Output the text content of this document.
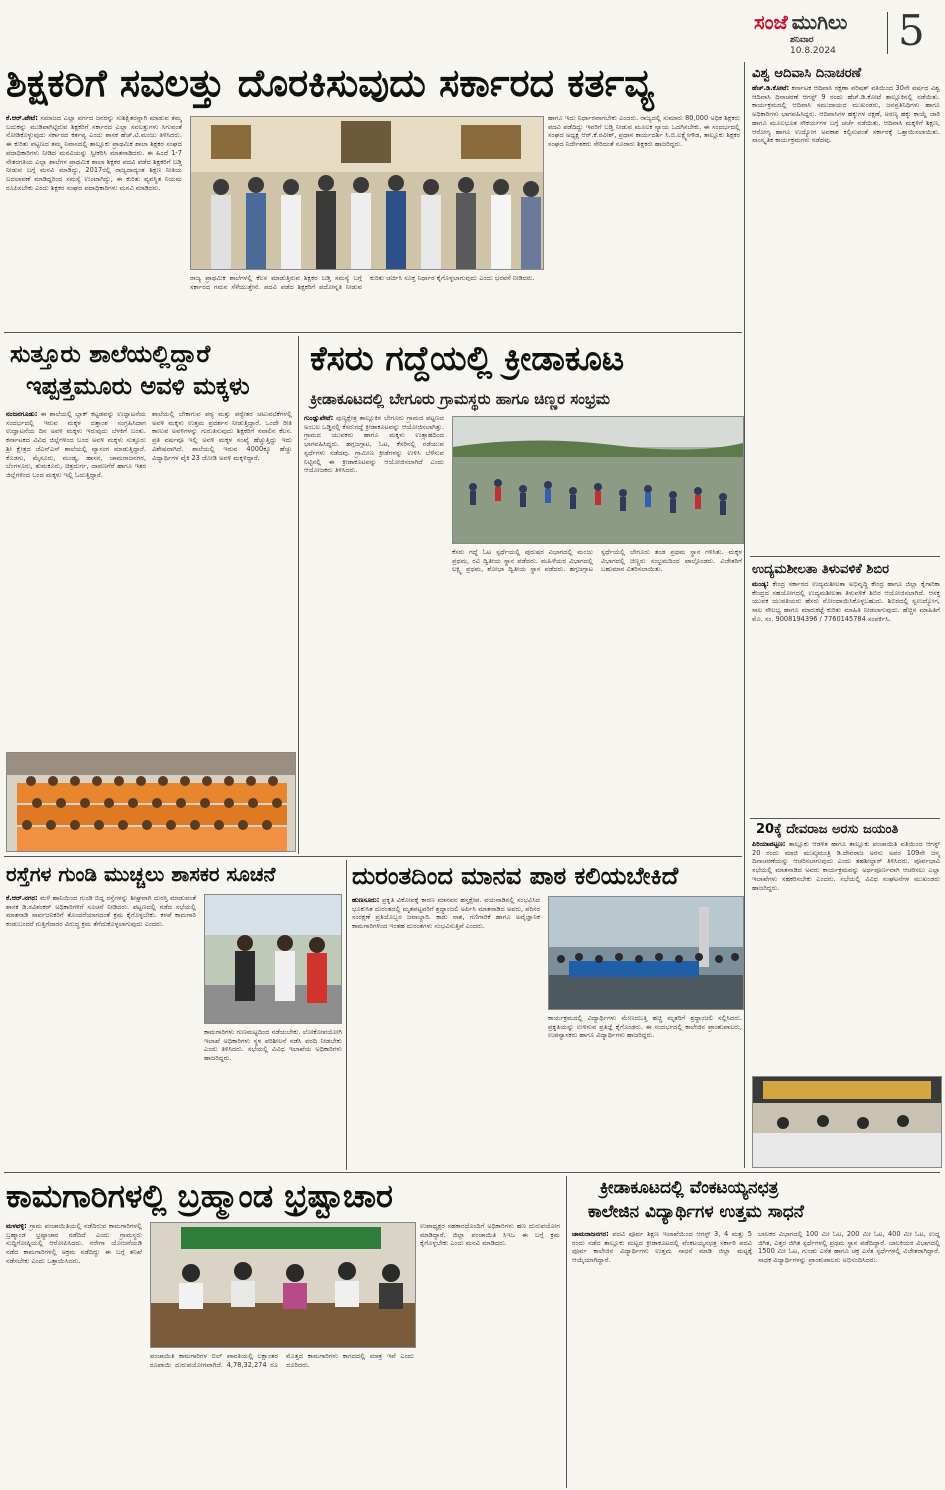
ಸಂಜೆ ಮುಗಿಲು
ಶನಿವಾರ
10.8.2024 5
ಶಿಕ್ಷಕರಿಗೆ ಸವಲತ್ತು ದೊರಕಿಸುವುದು ಸರ್ಕಾರದ ಕರ್ತವ್ಯ
ಕೆ.ಆರ್.ಪೇಟೆ: ಸಮಾಜದ ಎಲ್ಲಾ ವರ್ಗದ ಜನರನ್ನು ಸುಶಿಕ್ಷಿತರನ್ನಾಗಿ ಮಾಡುವ ತಮ್ಮ ಬದುಕನ್ನು ಮುಡಿಪಾಗಿಟ್ಟಿರುವ ಶಿಕ್ಷಕರಿಗೆ ಸರ್ಕಾರದ ಎಲ್ಲಾ ಸವಲತ್ತುಗಳು ಸಿಗುವಂತೆ ನೋಡಿಕೊಳ್ಳುವುದು ಸರ್ಕಾರದ ಕರ್ತವ್ಯ ಎಂದು ಶಾಸಕ ಹೆಚ್.ಟಿ.ಮಂಜು ತಿಳಿಸಿದರು. ಈ ಕುರಿತು ಪಟ್ಟಣದ ತಮ್ಮ ನಿವಾಸದಲ್ಲಿ ತಾಲ್ಲೂಕು ಪ್ರಾಥಮಿಕ ಶಾಲಾ ಶಿಕ್ಷಕರ ಸಂಘದ ಪದಾಧಿಕಾರಿಗಳು ನೀಡಿದ ಮನವಿಯನ್ನು ಸ್ವೀಕರಿಸಿ ಮಾತನಾಡಿದರು. ಈ ಹಿಂದೆ 1-7 ನೇತರಗತಿಯ ಎಲ್ಲಾ ಶಾಲೆಗಳ ಪ್ರಾಥಮಿಕ ಶಾಲಾ ಶಿಕ್ಷಕರ ಪದವಿ ಪಡೆದ ಶಿಕ್ಷಕರಿಗೆ ಬಡ್ತಿ ನೀಡುವ ಬಗ್ಗೆ ಮನವಿ ಮಾಡಿದ್ದು, 2017ರಲ್ಲಿ ರಾಜ್ಯದಾದ್ಯಂತ ಶಿಕ್ಷಣ ನೀತಿಯ ಬದಲಾವಣೆ ಮಾಡಿದ್ದರಿಂದ ಸಮಸ್ಯೆ ಉಂಟಾಗಿದ್ದು, ಈ ಕುರಿತು ವ್ಯವಸ್ಥಿತ ನಿಯಮ ರೂಪಿಸಬೇಕು ಎಂದು ಶಿಕ್ಷಕರ ಸಂಘದ ಪದಾಧಿಕಾರಿಗಳು ಮನವಿ ಮಾಡಿದರು.
ರಾಜ್ಯ ಪ್ರಾಥಮಿಕ ಶಾಲೆಗಳಲ್ಲಿ ಕೆಲಸ ಮಾಡುತ್ತಿರುವ ಶಿಕ್ಷಕರ ಬಡ್ತಿ ಸಮಸ್ಯೆ ಬಗ್ಗೆ ಸರ್ಕಾರದ ಗಮನ ಸೆಳೆಯುತ್ತೇನೆ. ಪದವಿ ಪಡೆದ ಶಿಕ್ಷಕರಿಗೆ ಪದೋನ್ನತಿ ನೀಡುವ ಕುರಿತು ಚರ್ಚಿಸಿ ಸೂಕ್ತ ನಿರ್ಧಾರ ಕೈಗೊಳ್ಳಲಾಗುವುದು ಎಂದು ಭರವಸೆ ನೀಡಿದರು.
ಹಾಗೂ ಇದು ನಿರ್ಧಾರವಾಗಬೇಕು ಎಂದರು. ರಾಜ್ಯದಲ್ಲಿ ಸುಮಾರು 80,000 ಅಧಿಕ ಶಿಕ್ಷಕರು ಪದವಿ ಪಡೆದಿದ್ದು ಇವರಿಗೆ ಬಡ್ತಿ ನೀಡುವ ಮೂಲಕ ನ್ಯಾಯ ಒದಗಿಸಬೇಕು. ಈ ಸಂದರ್ಭದಲ್ಲಿ ಸಂಘದ ಅಧ್ಯಕ್ಷ ಆರ್.ಕೆ.ರವೀಶ್, ಪ್ರಧಾನ ಕಾರ್ಯದರ್ಶಿ ಸಿ.ಬಿ.ಲಕ್ಷ್ಮೇಗೌಡ, ತಾಲ್ಲೂಕು ಶಿಕ್ಷಕರ ಸಂಘದ ನಿರ್ದೇಶಕರು ಸೇರಿದಂತೆ ನೂರಾರು ಶಿಕ್ಷಕರು ಹಾಜರಿದ್ದರು.
ಸುತ್ತೂರು ಶಾಲೆಯಲ್ಲಿದ್ದಾರೆ
ಇಪ್ಪತ್ತಮೂರು ಅವಳಿ ಮಕ್ಕಳು
ನಂಜನಗೂಡು: ಈ ಶಾಲೆಯಲ್ಲಿ ಬ್ಲಾಕ್ ಕಟ್ಟಡವನ್ನು ಉದ್ಘಾಟನೆಯ ಸಂದರ್ಭದಲ್ಲಿ ಇರುವ ಮಕ್ಕಳ ದತ್ತಾಂಶ ಸಂಗ್ರಹಿಸಿದಾಗ ಉದ್ಘಾಟನೆಯ ದಿನ ಅವಳಿ ಮಕ್ಕಳು ಇರುವುದು ಬೆಳಕಿಗೆ ಬಂತು. ಕರ್ನಾಟಕದ ವಿವಿಧ ಜಿಲ್ಲೆಗಳಿಂದ ಬಂದ ಅವಳಿ ಮಕ್ಕಳು ಸುತ್ತೂರು ಶ್ರೀ ಕ್ಷೇತ್ರದ ಜೆಎಸ್ಎಸ್ ಶಾಲೆಯಲ್ಲಿ ವ್ಯಾಸಂಗ ಮಾಡುತ್ತಿದ್ದಾರೆ. ಕೊಡಗು, ಮೈಸೂರು, ಮಂಡ್ಯ, ಹಾಸನ, ಚಾಮರಾಜನಗರ, ಬೆಂಗಳೂರು, ತುಮಕೂರು, ಚಿತ್ರದುರ್ಗ, ದಾವಣಗೆರೆ ಹಾಗೂ ಇತರ ಜಿಲ್ಲೆಗಳಿಂದ ಬಂದ ಮಕ್ಕಳು ಇಲ್ಲಿ ಓದುತ್ತಿದ್ದಾರೆ.
ಶಾಲೆಯಲ್ಲಿ ಬೇಕಾಗುವ ಪಠ್ಯ ಮತ್ತು ಪಠ್ಯೇತರ ಚಟುವಟಿಕೆಗಳಲ್ಲಿ ಅವಳಿ ಮಕ್ಕಳು ಉತ್ತಮ ಪ್ರದರ್ಶನ ನೀಡುತ್ತಿದ್ದಾರೆ. ಒಂದೇ ರೀತಿ ಕಾಣುವ ಅವಳಿಗಳನ್ನು ಗುರುತಿಸುವುದು ಶಿಕ್ಷಕರಿಗೆ ಸವಾಲಿನ ಕೆಲಸ. ಪ್ರತಿ ವರ್ಷವೂ ಇಲ್ಲಿ ಅವಳಿ ಮಕ್ಕಳ ಸಂಖ್ಯೆ ಹೆಚ್ಚುತ್ತಿದ್ದು ಇದು ವಿಶೇಷವಾಗಿದೆ. ಶಾಲೆಯಲ್ಲಿ ಇರುವ 4000ಕ್ಕೂ ಹೆಚ್ಚು ವಿದ್ಯಾರ್ಥಿಗಳ ಪೈಕಿ 23 ಜೋಡಿ ಅವಳಿ ಮಕ್ಕಳಿದ್ದಾರೆ.
ಕೆಸರು ಗದ್ದೆಯಲ್ಲಿ ಕ್ರೀಡಾಕೂಟ
ಕ್ರೀಡಾಕೂಟದಲ್ಲಿ ಬೇಗೂರು ಗ್ರಾಮಸ್ಥರು ಹಾಗೂ ಚಿಣ್ಣರ ಸಂಭ್ರಮ
ಗುಂಡ್ಲುಪೇಟೆ: ಪುಣ್ಯಕ್ಷೇತ್ರ ತಾಲ್ಲೂಕಿನ ಬೇಗೂರು ಗ್ರಾಮದ ಪಟ್ಟಣದ ಅಂಬಲ ಒಡ್ಡಿನಲ್ಲಿ ಕೆಸರುಗದ್ದೆ ಕ್ರೀಡಾಕೂಟವನ್ನು ಆಯೋಜಿಸಲಾಗಿತ್ತು. ಗ್ರಾಮದ ಯುವಕರು ಹಾಗೂ ಮಕ್ಕಳು ಉತ್ಸಾಹದಿಂದ ಭಾಗವಹಿಸಿದ್ದರು. ಹಗ್ಗಜಗ್ಗಾಟ, ಓಟ, ಕೆಸರಿನಲ್ಲಿ ನಡೆಯುವ ಸ್ಪರ್ಧೆಗಳು ನಡೆದವು. ಗ್ರಾಮೀಣ ಕ್ರೀಡೆಗಳನ್ನು ಉಳಿಸಿ ಬೆಳೆಸುವ ನಿಟ್ಟಿನಲ್ಲಿ ಈ ಕ್ರೀಡಾಕೂಟವನ್ನು ಆಯೋಜಿಸಲಾಗಿದೆ ಎಂದು ಆಯೋಜಕರು ತಿಳಿಸಿದರು.
ಕೆಸರು ಗದ್ದೆ ಓಟ ಸ್ಪರ್ಧೆಯಲ್ಲಿ ಪುರುಷರ ವಿಭಾಗದಲ್ಲಿ ಮಂಜು ಪ್ರಥಮ, ರವಿ ದ್ವಿತೀಯ ಸ್ಥಾನ ಪಡೆದರು. ಮಹಿಳೆಯರ ವಿಭಾಗದಲ್ಲಿ ಲಕ್ಷ್ಮಿ ಪ್ರಥಮ, ಶೋಭಾ ದ್ವಿತೀಯ ಸ್ಥಾನ ಪಡೆದರು. ಹಗ್ಗಜಗ್ಗಾಟ ಸ್ಪರ್ಧೆಯಲ್ಲಿ ಬೇಗೂರು ತಂಡ ಪ್ರಥಮ ಸ್ಥಾನ ಗಳಿಸಿತು. ಮಕ್ಕಳ ವಿಭಾಗದಲ್ಲಿ ಚಿಣ್ಣರು ಸಂಭ್ರಮದಿಂದ ಪಾಲ್ಗೊಂಡರು. ವಿಜೇತರಿಗೆ ಬಹುಮಾನ ವಿತರಿಸಲಾಯಿತು.
ರಸ್ತೆಗಳ ಗುಂಡಿ ಮುಚ್ಚಲು ಶಾಸಕರ ಸೂಚನೆ
ಕೆ.ಆರ್.ನಗರ: ಮಳೆ ಹಾನಿಯಿಂದ ಗುಂಡಿ ಬಿದ್ದ ರಸ್ತೆಗಳನ್ನು ಶೀಘ್ರವಾಗಿ ದುರಸ್ತಿ ಮಾಡುವಂತೆ ಶಾಸಕ ಡಿ.ರವಿಶಂಕರ್ ಅಧಿಕಾರಿಗಳಿಗೆ ಸೂಚನೆ ನೀಡಿದರು. ಪಟ್ಟಣದಲ್ಲಿ ನಡೆದ ಸಭೆಯಲ್ಲಿ ಮಾತನಾಡಿ ಸಾರ್ವಜನಿಕರಿಗೆ ತೊಂದರೆಯಾಗದಂತೆ ಕ್ರಮ ಕೈಗೊಳ್ಳಬೇಕು. ಕಳಪೆ ಕಾಮಗಾರಿ ಕಂಡುಬಂದರೆ ಗುತ್ತಿಗೆದಾರರ ವಿರುದ್ಧ ಕ್ರಮ ತೆಗೆದುಕೊಳ್ಳಲಾಗುವುದು ಎಂದರು.
ಕಾಮಗಾರಿಗಳು ಗುಣಮಟ್ಟದಿಂದ ನಡೆಯಬೇಕು. ಲೋಕೋಪಯೋಗಿ ಇಲಾಖೆ ಅಧಿಕಾರಿಗಳು ಸ್ಥಳ ಪರಿಶೀಲನೆ ನಡೆಸಿ ವರದಿ ನೀಡಬೇಕು ಎಂದು ತಿಳಿಸಿದರು. ಸಭೆಯಲ್ಲಿ ವಿವಿಧ ಇಲಾಖೆಯ ಅಧಿಕಾರಿಗಳು ಹಾಜರಿದ್ದರು.
ದುರಂತದಿಂದ ಮಾನವ ಪಾಠ ಕಲಿಯಬೇಕಿದೆ
ಹುಣಸೂರು: ಪ್ರಕೃತಿ ವಿಕೋಪಕ್ಕೆ ಕಾರಣ ಮಾನವನ ಹಸ್ತಕ್ಷೇಪ. ವಯನಾಡಿನಲ್ಲಿ ಸಂಭವಿಸಿದ ಭೂಕುಸಿತ ದುರಂತದಲ್ಲಿ ಮೃತಪಟ್ಟವರಿಗೆ ಶ್ರದ್ಧಾಂಜಲಿ ಅರ್ಪಿಸಿ ಮಾತನಾಡಿದ ಅವರು, ಪರಿಸರ ಸಂರಕ್ಷಣೆ ಪ್ರತಿಯೊಬ್ಬರ ಜವಾಬ್ದಾರಿ. ಕಾಡು ನಾಶ, ಗಣಿಗಾರಿಕೆ ಹಾಗೂ ಅವೈಜ್ಞಾನಿಕ ಕಾಮಗಾರಿಗಳಿಂದ ಇಂತಹ ದುರಂತಗಳು ಸಂಭವಿಸುತ್ತಿವೆ ಎಂದರು.
ಕಾರ್ಯಕ್ರಮದಲ್ಲಿ ವಿದ್ಯಾರ್ಥಿಗಳು ಮೇಣದಬತ್ತಿ ಹಚ್ಚಿ ಮೃತರಿಗೆ ಶ್ರದ್ಧಾಂಜಲಿ ಸಲ್ಲಿಸಿದರು. ಪ್ರಕೃತಿಯನ್ನು ಉಳಿಸುವ ಪ್ರತಿಜ್ಞೆ ಕೈಗೊಂಡರು. ಈ ಸಂದರ್ಭದಲ್ಲಿ ಕಾಲೇಜಿನ ಪ್ರಾಂಶುಪಾಲರು, ಉಪನ್ಯಾಸಕರು ಹಾಗೂ ವಿದ್ಯಾರ್ಥಿಗಳು ಹಾಜರಿದ್ದರು.
ವಿಶ್ವ ಆದಿವಾಸಿ ದಿನಾಚರಣೆ
ಹೆಚ್.ಡಿ.ಕೋಟೆ: ಕರ್ನಾಟಕ ಆದಿವಾಸಿ ರಕ್ಷಣಾ ಪರಿಷತ್ ವತಿಯಿಂದ 30ನೇ ವರ್ಷದ ವಿಶ್ವ ಆದಿವಾಸಿ ದಿನಾಚರಣೆ ಆಗಸ್ಟ್ 9 ರಂದು ಹೆಚ್.ಡಿ.ಕೋಟೆ ತಾಲ್ಲೂಕಿನಲ್ಲಿ ನಡೆಯಿತು. ಕಾರ್ಯಕ್ರಮದಲ್ಲಿ ಆದಿವಾಸಿ ಸಮುದಾಯದ ಮುಖಂಡರು, ಜನಪ್ರತಿನಿಧಿಗಳು ಹಾಗೂ ಅಧಿಕಾರಿಗಳು ಭಾಗವಹಿಸಿದ್ದರು. ಆದಿವಾಸಿಗಳ ಹಕ್ಕುಗಳ ರಕ್ಷಣೆ, ಅರಣ್ಯ ಹಕ್ಕು ಕಾಯ್ದೆ ಜಾರಿ ಹಾಗೂ ಮೂಲಭೂತ ಸೌಕರ್ಯಗಳ ಬಗ್ಗೆ ಚರ್ಚೆ ನಡೆಯಿತು. ಆದಿವಾಸಿ ಮಕ್ಕಳಿಗೆ ಶಿಕ್ಷಣ, ಆರೋಗ್ಯ ಹಾಗೂ ಉದ್ಯೋಗ ಅವಕಾಶ ಕಲ್ಪಿಸುವಂತೆ ಸರ್ಕಾರಕ್ಕೆ ಒತ್ತಾಯಿಸಲಾಯಿತು. ಸಾಂಸ್ಕೃತಿಕ ಕಾರ್ಯಕ್ರಮಗಳು ನಡೆದವು.
ಉದ್ಯಮಶೀಲತಾ ತಿಳುವಳಿಕೆ ಶಿಬಿರ
ಮಂಡ್ಯ: ಕೇಂದ್ರ ಸರ್ಕಾರದ ಉದ್ಯಮಶೀಲತಾ ಅಭಿವೃದ್ಧಿ ಕೇಂದ್ರ ಹಾಗೂ ಜಿಲ್ಲಾ ಕೈಗಾರಿಕಾ ಕೇಂದ್ರದ ಸಹಯೋಗದಲ್ಲಿ ಉದ್ಯಮಶೀಲತಾ ತಿಳುವಳಿಕೆ ಶಿಬಿರ ಆಯೋಜಿಸಲಾಗಿದೆ. ಆಸಕ್ತ ಯುವಕ ಯುವತಿಯರು ಹೆಸರು ನೋಂದಾಯಿಸಿಕೊಳ್ಳಬಹುದು. ಶಿಬಿರದಲ್ಲಿ ಸ್ವಉದ್ಯೋಗ, ಸಾಲ ಸೌಲಭ್ಯ ಹಾಗೂ ಮಾರುಕಟ್ಟೆ ಕುರಿತು ಮಾಹಿತಿ ನೀಡಲಾಗುವುದು. ಹೆಚ್ಚಿನ ಮಾಹಿತಿಗೆ ಮೊ. ಸಂ. 9008194396 / 7760145784 ಸಂಪರ್ಕಿಸಿ.
20ಕ್ಕೆ ದೇವರಾಜ ಅರಸು ಜಯಂತಿ
ಪಿರಿಯಾಪಟ್ಟಣ: ತಾಲ್ಲೂಕು ಆಡಳಿತ ಹಾಗೂ ತಾಲ್ಲೂಕು ಪಂಚಾಯಿತಿ ವತಿಯಿಂದ ಆಗಸ್ಟ್ 20 ರಂದು ಮಾಜಿ ಮುಖ್ಯಮಂತ್ರಿ ಡಿ.ದೇವರಾಜ ಅರಸು ಅವರ 109ನೇ ಜನ್ಮ ದಿನಾಚರಣೆಯನ್ನು ಆಚರಿಸಲಾಗುವುದು ಎಂದು ತಹಶೀಲ್ದಾರ್ ತಿಳಿಸಿದರು. ಪೂರ್ವಭಾವಿ ಸಭೆಯಲ್ಲಿ ಮಾತನಾಡಿದ ಅವರು ಕಾರ್ಯಕ್ರಮವನ್ನು ಅರ್ಥಪೂರ್ಣವಾಗಿ ಆಚರಿಸಲು ಎಲ್ಲಾ ಇಲಾಖೆಗಳು ಸಹಕರಿಸಬೇಕು ಎಂದರು. ಸಭೆಯಲ್ಲಿ ವಿವಿಧ ಸಂಘಟನೆಗಳ ಮುಖಂಡರು ಹಾಜರಿದ್ದರು.
ಕಾಮಗಾರಿಗಳಲ್ಲಿ ಬ್ರಹ್ಮಾಂಡ ಭ್ರಷ್ಟಾಚಾರ
ಮಳವಳ್ಳಿ: ಗ್ರಾಮ ಪಂಚಾಯಿತಿಯಲ್ಲಿ ನಡೆದಿರುವ ಕಾಮಗಾರಿಗಳಲ್ಲಿ ಬ್ರಹ್ಮಾಂಡ ಭ್ರಷ್ಟಾಚಾರ ನಡೆದಿದೆ ಎಂದು ಗ್ರಾಮಸ್ಥರು ಸುದ್ದಿಗೋಷ್ಠಿಯಲ್ಲಿ ಆರೋಪಿಸಿದರು. ನರೇಗಾ ಯೋಜನೆಯಡಿ ನಡೆದ ಕಾಮಗಾರಿಗಳಲ್ಲಿ ಅಕ್ರಮ ನಡೆದಿದ್ದು ಈ ಬಗ್ಗೆ ತನಿಖೆ ನಡೆಸಬೇಕು ಎಂದು ಒತ್ತಾಯಿಸಿದರು.
ಪಂಚಾಯಿತಿ ಕಾಮಗಾರಿಗಳ ಬಿಲ್ ಪಾವತಿಯಲ್ಲಿ ಲಕ್ಷಾಂತರ ರೂಪಾಯಿ ದುರುಪಯೋಗವಾಗಿದೆ. 4,78,32,274 ರೂ ಮೊತ್ತದ ಕಾಮಗಾರಿಗಳು ಕಾಗದದಲ್ಲಿ ಮಾತ್ರ ಇವೆ ಎಂದು ದೂರಿದರು.
ಉಪಾಧ್ಯಕ್ಷರ ಸಹಕಾರದೊಂದಿಗೆ ಅಧಿಕಾರಿಗಳು ಹಣ ದುರುಪಯೋಗ ಮಾಡಿದ್ದಾರೆ. ಜಿಲ್ಲಾ ಪಂಚಾಯಿತಿ ಸಿಇಒ ಈ ಬಗ್ಗೆ ಕ್ರಮ ಕೈಗೊಳ್ಳಬೇಕು ಎಂದು ಮನವಿ ಮಾಡಿದರು.
ಕ್ರೀಡಾಕೂಟದಲ್ಲಿ ವೆಂಕಟಯ್ಯನಛತ್ರ
ಕಾಲೇಜಿನ ವಿದ್ಯಾರ್ಥಿಗಳ ಉತ್ತಮ ಸಾಧನೆ
ಚಾಮರಾಜನಗರ: ಪದವಿ ಪೂರ್ವ ಶಿಕ್ಷಣ ಇಲಾಖೆಯಿಂದ ಆಗಸ್ಟ್ 3, 4 ಮತ್ತು 5 ರಂದು ನಡೆದ ತಾಲ್ಲೂಕು ಮಟ್ಟದ ಕ್ರೀಡಾಕೂಟದಲ್ಲಿ ವೆಂಕಟಯ್ಯನಛತ್ರ ಸರ್ಕಾರಿ ಪದವಿ ಪೂರ್ವ ಕಾಲೇಜಿನ ವಿದ್ಯಾರ್ಥಿಗಳು ಉತ್ತಮ ಸಾಧನೆ ಮಾಡಿ ಜಿಲ್ಲಾ ಮಟ್ಟಕ್ಕೆ ಆಯ್ಕೆಯಾಗಿದ್ದಾರೆ.
ಬಾಲಕರ ವಿಭಾಗದಲ್ಲಿ 100 ಮೀ ಓಟ, 200 ಮೀ ಓಟ, 400 ಮೀ ಓಟ, ಉದ್ದ ಜಿಗಿತ, ಎತ್ತರ ಜಿಗಿತ ಸ್ಪರ್ಧೆಗಳಲ್ಲಿ ಪ್ರಥಮ ಸ್ಥಾನ ಪಡೆದಿದ್ದಾರೆ. ಬಾಲಕಿಯರ ವಿಭಾಗದಲ್ಲಿ 1500 ಮೀ ಓಟ, ಗುಂಡು ಎಸೆತ ಹಾಗೂ ಚಕ್ರ ಎಸೆತ ಸ್ಪರ್ಧೆಗಳಲ್ಲಿ ವಿಜೇತರಾಗಿದ್ದಾರೆ. ಸಾಧಕ ವಿದ್ಯಾರ್ಥಿಗಳನ್ನು ಪ್ರಾಂಶುಪಾಲರು ಅಭಿನಂದಿಸಿದರು.
